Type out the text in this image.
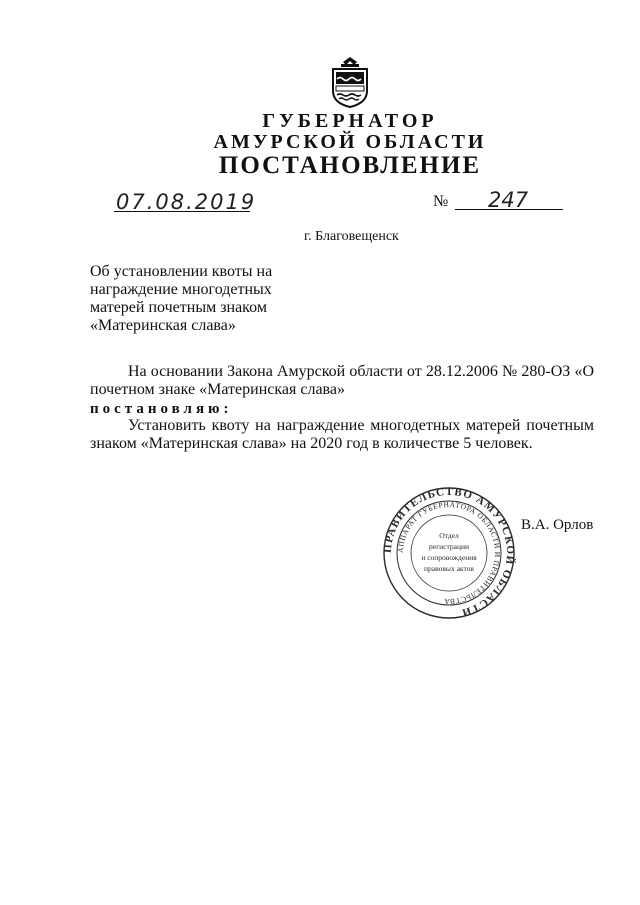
ГУБЕРНАТОР
АМУРСКОЙ ОБЛАСТИ
ПОСТАНОВЛЕНИЕ
07.08.2019	№ 247
г. Благовещенск
Об установлении квоты на
награждение многодетных
матерей почетным знаком
«Материнская слава»
На основании Закона Амурской области от 28.12.2006 № 280-ОЗ «О почетном знаке «Материнская слава»
постановляю:
Установить квоту на награждение многодетных матерей почетным знаком «Материнская слава» на 2020 год в количестве 5 человек.
ПРАВИТЕЛЬСТВО АМУРСКОЙ ОБЛАСТИ
АППАРАТ ГУБЕРНАТОРА ОБЛАСТИ И ПРАВИТЕЛЬСТВА
Отдел
регистрации
и сопровождения
правовых актов
В.А. Орлов
